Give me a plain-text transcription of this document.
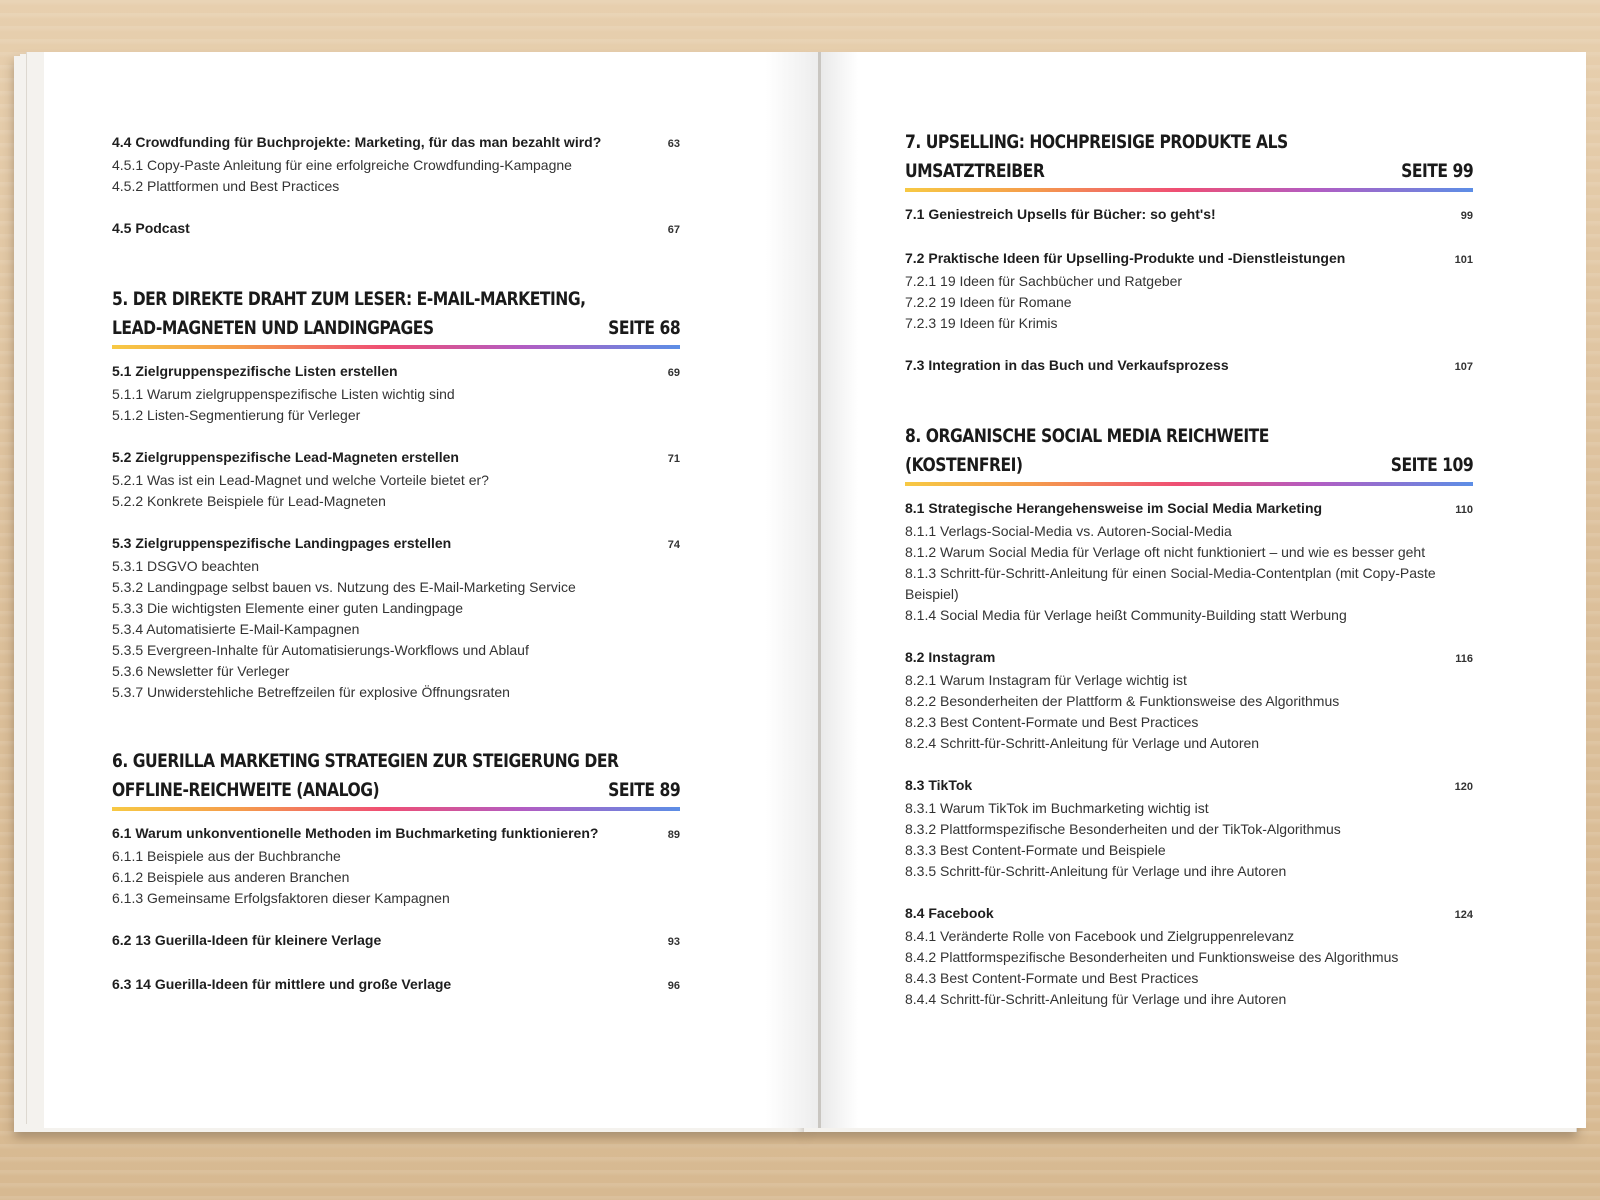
4.4 Crowdfunding für Buchprojekte: Marketing, für das man bezahlt wird?	63
4.5.1 Copy-Paste Anleitung für eine erfolgreiche Crowdfunding-Kampagne
4.5.2 Plattformen und Best Practices
4.5 Podcast	67
5. DER DIREKTE DRAHT ZUM LESER: E-MAIL-MARKETING,
LEAD-MAGNETEN UND LANDINGPAGES	SEITE 68
5.1 Zielgruppenspezifische Listen erstellen	69
5.1.1 Warum zielgruppenspezifische Listen wichtig sind
5.1.2 Listen-Segmentierung für Verleger
5.2 Zielgruppenspezifische Lead-Magneten erstellen	71
5.2.1 Was ist ein Lead-Magnet und welche Vorteile bietet er?
5.2.2 Konkrete Beispiele für Lead-Magneten
5.3 Zielgruppenspezifische Landingpages erstellen	74
5.3.1 DSGVO beachten
5.3.2 Landingpage selbst bauen vs. Nutzung des E-Mail-Marketing Service
5.3.3 Die wichtigsten Elemente einer guten Landingpage
5.3.4 Automatisierte E-Mail-Kampagnen
5.3.5 Evergreen-Inhalte für Automatisierungs-Workflows und Ablauf
5.3.6 Newsletter für Verleger
5.3.7 Unwiderstehliche Betreffzeilen für explosive Öffnungsraten
6. GUERILLA MARKETING STRATEGIEN ZUR STEIGERUNG DER
OFFLINE-REICHWEITE (ANALOG)	SEITE 89
6.1 Warum unkonventionelle Methoden im Buchmarketing funktionieren?	89
6.1.1 Beispiele aus der Buchbranche
6.1.2 Beispiele aus anderen Branchen
6.1.3 Gemeinsame Erfolgsfaktoren dieser Kampagnen
6.2 13 Guerilla-Ideen für kleinere Verlage	93
6.3 14 Guerilla-Ideen für mittlere und große Verlage	96
7. UPSELLING: HOCHPREISIGE PRODUKTE ALS UMSATZTREIBER	SEITE 99
7.1 Geniestreich Upsells für Bücher: so geht's!	99
7.2 Praktische Ideen für Upselling-Produkte und -Dienstleistungen	101
7.2.1 19 Ideen für Sachbücher und Ratgeber
7.2.2 19 Ideen für Romane
7.2.3 19 Ideen für Krimis
7.3 Integration in das Buch und Verkaufsprozess	107
8. ORGANISCHE SOCIAL MEDIA REICHWEITE (KOSTENFREI)	SEITE 109
8.1 Strategische Herangehensweise im Social Media Marketing	110
8.1.1 Verlags-Social-Media vs. Autoren-Social-Media
8.1.2 Warum Social Media für Verlage oft nicht funktioniert – und wie es besser geht
8.1.3 Schritt-für-Schritt-Anleitung für einen Social-Media-Contentplan (mit Copy-Paste Beispiel)
8.1.4 Social Media für Verlage heißt Community-Building statt Werbung
8.2 Instagram	116
8.2.1 Warum Instagram für Verlage wichtig ist
8.2.2 Besonderheiten der Plattform & Funktionsweise des Algorithmus
8.2.3 Best Content-Formate und Best Practices
8.2.4 Schritt-für-Schritt-Anleitung für Verlage und Autoren
8.3 TikTok	120
8.3.1 Warum TikTok im Buchmarketing wichtig ist
8.3.2 Plattformspezifische Besonderheiten und der TikTok-Algorithmus
8.3.3 Best Content-Formate und Beispiele
8.3.5 Schritt-für-Schritt-Anleitung für Verlage und ihre Autoren
8.4 Facebook	124
8.4.1 Veränderte Rolle von Facebook und Zielgruppenrelevanz
8.4.2 Plattformspezifische Besonderheiten und Funktionsweise des Algorithmus
8.4.3 Best Content-Formate und Best Practices
8.4.4 Schritt-für-Schritt-Anleitung für Verlage und ihre Autoren
